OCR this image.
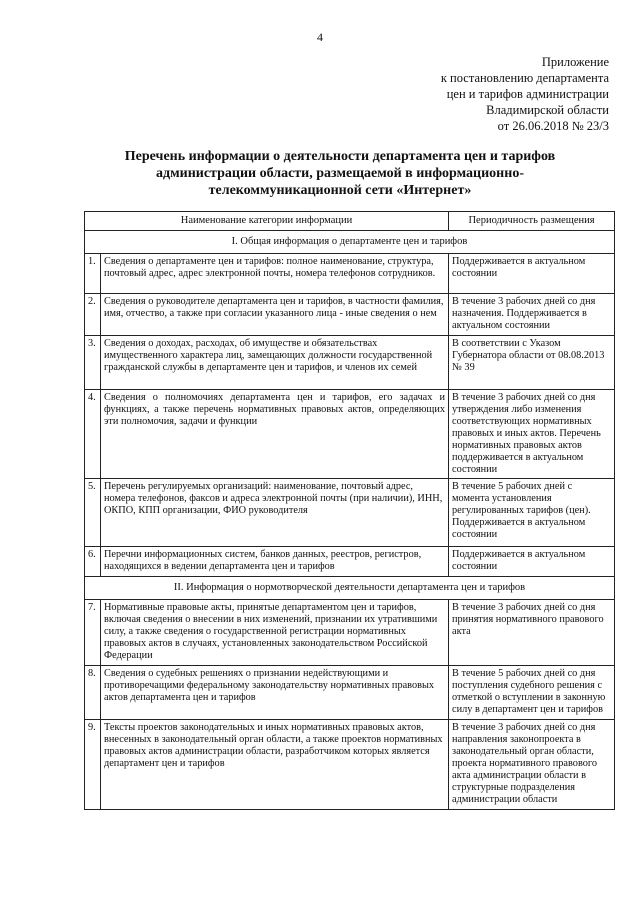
4
Приложение
к постановлению департамента
цен и тарифов администрации
Владимирской области
от 26.06.2018 № 23/3
Перечень информации о деятельности департамента цен и тарифов
администрации области, размещаемой в информационно-
телекоммуникационной сети «Интернет»
Наименование категории информации		Периодичность размещения
I. Общая информация о департаменте цен и тарифов		
1.	Сведения о департаменте цен и тарифов: полное наименование, структура, почтовый адрес, адрес электронной почты, номера телефонов сотрудников.	Поддерживается в актуальном состоянии
2.	Сведения о руководителе департамента цен и тарифов, в частности фамилия, имя, отчество, а также при согласии указанного лица - иные сведения о нем	В течение 3 рабочих дней со дня назначения. Поддерживается в актуальном состоянии
3.	Сведения о доходах, расходах, об имуществе и обязательствах имущественного характера лиц, замещающих должности государственной гражданской службы в департаменте цен и тарифов, и членов их семей	В соответствии с Указом Губернатора области от 08.08.2013 № 39
4.	Сведения о полномочиях департамента цен и тарифов, его задачах и функциях, а также перечень нормативных правовых актов, определяющих эти полномочия, задачи и функции	В течение 3 рабочих дней со дня утверждения либо изменения соответствующих нормативных правовых и иных актов. Перечень нормативных правовых актов поддерживается в актуальном состоянии
5.	Перечень регулируемых организаций: наименование, почтовый адрес, номера телефонов, факсов и адреса электронной почты (при наличии), ИНН, ОКПО, КПП организации, ФИО руководителя	В течение 5 рабочих дней с момента установления регулированных тарифов (цен). Поддерживается в актуальном состоянии
6.	Перечни информационных систем, банков данных, реестров, регистров, находящихся в ведении департамента цен и тарифов	Поддерживается в актуальном состоянии
II. Информация о нормотворческой деятельности департамента цен и тарифов		
7.	Нормативные правовые акты, принятые департаментом цен и тарифов, включая сведения о внесении в них изменений, признании их утратившими силу, а также сведения о государственной регистрации нормативных правовых актов в случаях, установленных законодательством Российской Федерации	В течение 3 рабочих дней со дня принятия нормативного правового акта
8.	Сведения о судебных решениях о признании недействующими и противоречащими федеральному законодательству нормативных правовых актов департамента цен и тарифов	В течение 5 рабочих дней со дня поступления судебного решения с отметкой о вступлении в законную силу в департамент цен и тарифов
9.	Тексты проектов законодательных и иных нормативных правовых актов, внесенных в законодательный орган области, а также проектов нормативных правовых актов администрации области, разработчиком которых является департамент цен и тарифов	В течение 3 рабочих дней со дня направления законопроекта в законодательный орган области, проекта нормативного правового акта администрации области в структурные подразделения администрации области
